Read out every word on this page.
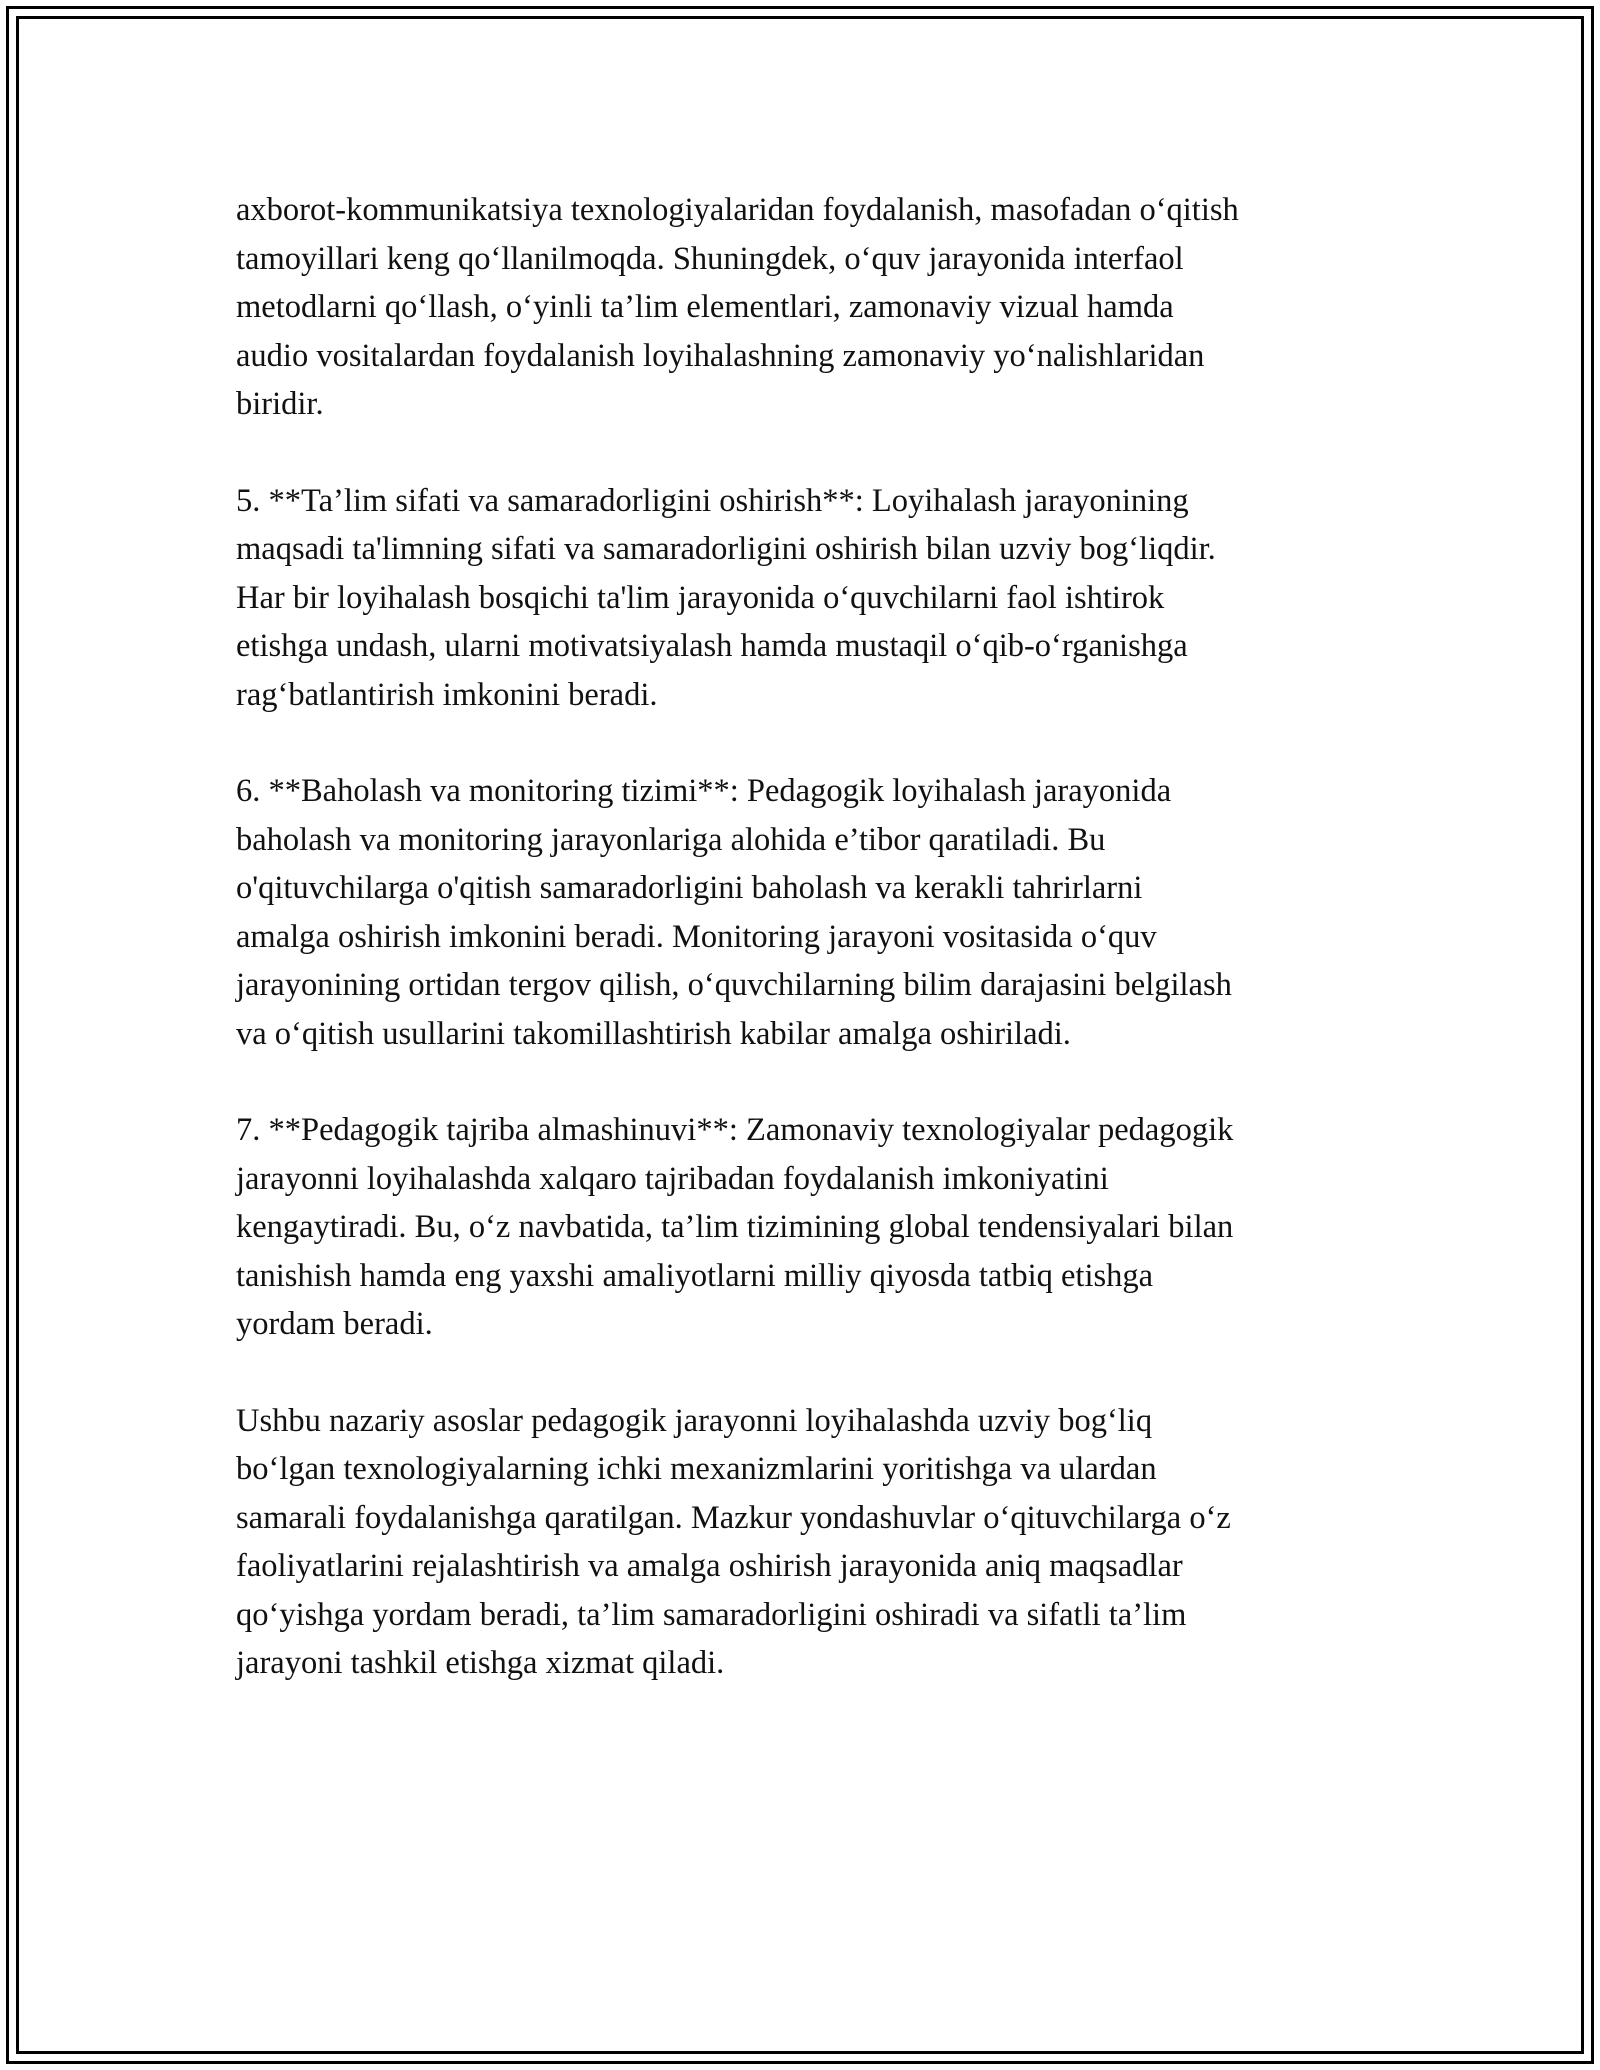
axborot-kommunikatsiya texnologiyalaridan foydalanish, masofadan o‘qitish
tamoyillari keng qo‘llanilmoqda. Shuningdek, o‘quv jarayonida interfaol
metodlarni qo‘llash, o‘yinli ta’lim elementlari, zamonaviy vizual hamda
audio vositalardan foydalanish loyihalashning zamonaviy yo‘nalishlaridan
biridir.

5. **Ta’lim sifati va samaradorligini oshirish**: Loyihalash jarayonining
maqsadi ta'limning sifati va samaradorligini oshirish bilan uzviy bog‘liqdir.
Har bir loyihalash bosqichi ta'lim jarayonida o‘quvchilarni faol ishtirok
etishga undash, ularni motivatsiyalash hamda mustaqil o‘qib-o‘rganishga
rag‘batlantirish imkonini beradi.

6. **Baholash va monitoring tizimi**: Pedagogik loyihalash jarayonida
baholash va monitoring jarayonlariga alohida e’tibor qaratiladi. Bu
o'qituvchilarga o'qitish samaradorligini baholash va kerakli tahrirlarni
amalga oshirish imkonini beradi. Monitoring jarayoni vositasida o‘quv
jarayonining ortidan tergov qilish, o‘quvchilarning bilim darajasini belgilash
va o‘qitish usullarini takomillashtirish kabilar amalga oshiriladi.

7. **Pedagogik tajriba almashinuvi**: Zamonaviy texnologiyalar pedagogik
jarayonni loyihalashda xalqaro tajribadan foydalanish imkoniyatini
kengaytiradi. Bu, o‘z navbatida, ta’lim tizimining global tendensiyalari bilan
tanishish hamda eng yaxshi amaliyotlarni milliy qiyosda tatbiq etishga
yordam beradi.

Ushbu nazariy asoslar pedagogik jarayonni loyihalashda uzviy bog‘liq
bo‘lgan texnologiyalarning ichki mexanizmlarini yoritishga va ulardan
samarali foydalanishga qaratilgan. Mazkur yondashuvlar o‘qituvchilarga o‘z
faoliyatlarini rejalashtirish va amalga oshirish jarayonida aniq maqsadlar
qo‘yishga yordam beradi, ta’lim samaradorligini oshiradi va sifatli ta’lim
jarayoni tashkil etishga xizmat qiladi.
